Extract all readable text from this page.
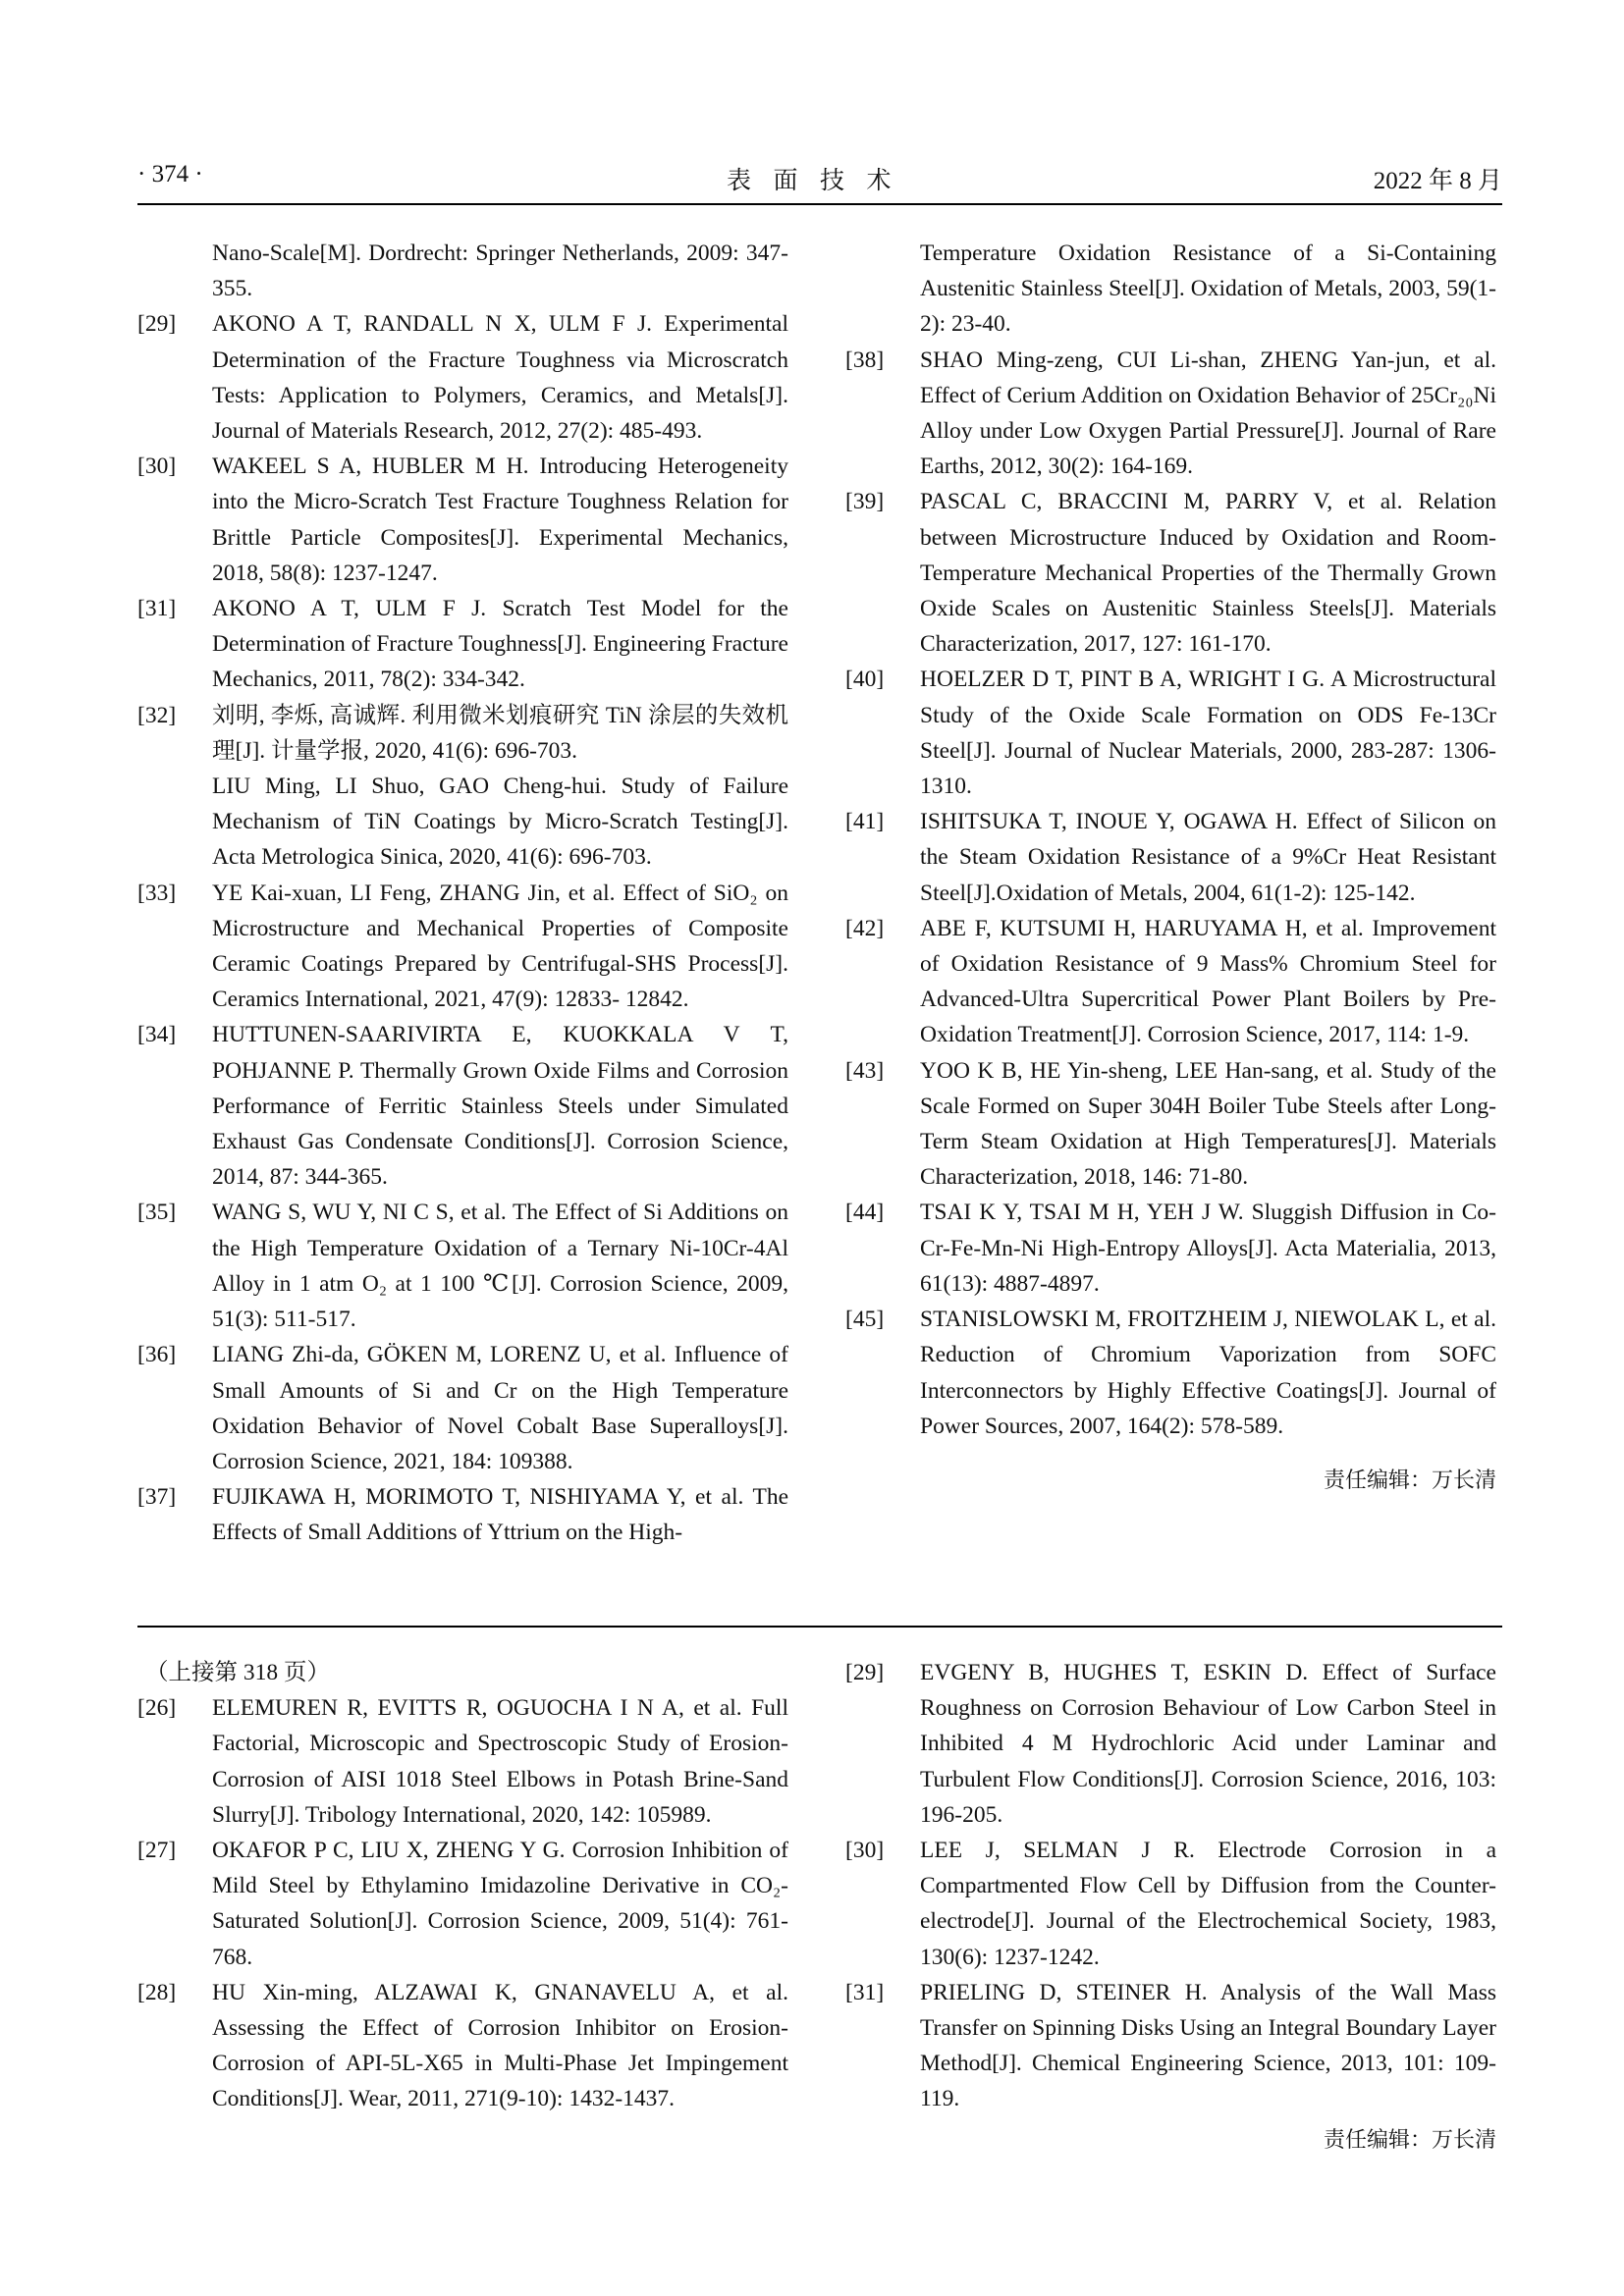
· 374 ·	表面技术	2022 年 8 月
Nano-Scale[M]. Dordrecht: Springer Netherlands, 2009: 347-355.
[29]	AKONO A T, RANDALL N X, ULM F J. Experimental Determination of the Fracture Toughness via Microscratch Tests: Application to Polymers, Ceramics, and Metals[J]. Journal of Materials Research, 2012, 27(2): 485-493.
[30]	WAKEEL S A, HUBLER M H. Introducing Heterogeneity into the Micro-Scratch Test Fracture Toughness Relation for Brittle Particle Composites[J]. Experimental Mechanics, 2018, 58(8): 1237-1247.
[31]	AKONO A T, ULM F J. Scratch Test Model for the Determination of Fracture Toughness[J]. Engineering Fracture Mechanics, 2011, 78(2): 334-342.
[32]	刘明, 李烁, 高诚辉. 利用微米划痕研究 TiN 涂层的失效机理[J]. 计量学报, 2020, 41(6): 696-703.
LIU Ming, LI Shuo, GAO Cheng-hui. Study of Failure Mechanism of TiN Coatings by Micro-Scratch Testing[J]. Acta Metrologica Sinica, 2020, 41(6): 696-703.
[33]	YE Kai-xuan, LI Feng, ZHANG Jin, et al. Effect of SiO₂ on Microstructure and Mechanical Properties of Composite Ceramic Coatings Prepared by Centrifugal-SHS Process[J]. Ceramics International, 2021, 47(9): 12833- 12842.
[34]	HUTTUNEN-SAARIVIRTA E, KUOKKALA V T, POHJANNE P. Thermally Grown Oxide Films and Corrosion Performance of Ferritic Stainless Steels under Simulated Exhaust Gas Condensate Conditions[J]. Corrosion Science, 2014, 87: 344-365.
[35]	WANG S, WU Y, NI C S, et al. The Effect of Si Additions on the High Temperature Oxidation of a Ternary Ni-10Cr-4Al Alloy in 1 atm O₂ at 1 100 ℃[J]. Corrosion Science, 2009, 51(3): 511-517.
[36]	LIANG Zhi-da, GÖKEN M, LORENZ U, et al. Influence of Small Amounts of Si and Cr on the High Temperature Oxidation Behavior of Novel Cobalt Base Superalloys[J]. Corrosion Science, 2021, 184: 109388.
[37]	FUJIKAWA H, MORIMOTO T, NISHIYAMA Y, et al. The Effects of Small Additions of Yttrium on the High-
Temperature Oxidation Resistance of a Si-Containing Austenitic Stainless Steel[J]. Oxidation of Metals, 2003, 59(1-2): 23-40.
[38]	SHAO Ming-zeng, CUI Li-shan, ZHENG Yan-jun, et al. Effect of Cerium Addition on Oxidation Behavior of 25Cr₂₀Ni Alloy under Low Oxygen Partial Pressure[J]. Journal of Rare Earths, 2012, 30(2): 164-169.
[39]	PASCAL C, BRACCINI M, PARRY V, et al. Relation between Microstructure Induced by Oxidation and Room-Temperature Mechanical Properties of the Thermally Grown Oxide Scales on Austenitic Stainless Steels[J]. Materials Characterization, 2017, 127: 161-170.
[40]	HOELZER D T, PINT B A, WRIGHT I G. A Microstructural Study of the Oxide Scale Formation on ODS Fe-13Cr Steel[J]. Journal of Nuclear Materials, 2000, 283-287: 1306-1310.
[41]	ISHITSUKA T, INOUE Y, OGAWA H. Effect of Silicon on the Steam Oxidation Resistance of a 9%Cr Heat Resistant Steel[J].Oxidation of Metals, 2004, 61(1-2): 125-142.
[42]	ABE F, KUTSUMI H, HARUYAMA H, et al. Improvement of Oxidation Resistance of 9 Mass% Chromium Steel for Advanced-Ultra Supercritical Power Plant Boilers by Pre-Oxidation Treatment[J]. Corrosion Science, 2017, 114: 1-9.
[43]	YOO K B, HE Yin-sheng, LEE Han-sang, et al. Study of the Scale Formed on Super 304H Boiler Tube Steels after Long-Term Steam Oxidation at High Temperatures[J]. Materials Characterization, 2018, 146: 71-80.
[44]	TSAI K Y, TSAI M H, YEH J W. Sluggish Diffusion in Co-Cr-Fe-Mn-Ni High-Entropy Alloys[J]. Acta Materialia, 2013, 61(13): 4887-4897.
[45]	STANISLOWSKI M, FROITZHEIM J, NIEWOLAK L, et al. Reduction of Chromium Vaporization from SOFC Interconnectors by Highly Effective Coatings[J]. Journal of Power Sources, 2007, 164(2): 578-589.
责任编辑：万长清
（上接第 318 页）
[26]	ELEMUREN R, EVITTS R, OGUOCHA I N A, et al. Full Factorial, Microscopic and Spectroscopic Study of Erosion-Corrosion of AISI 1018 Steel Elbows in Potash Brine-Sand Slurry[J]. Tribology International, 2020, 142: 105989.
[27]	OKAFOR P C, LIU X, ZHENG Y G. Corrosion Inhibition of Mild Steel by Ethylamino Imidazoline Derivative in CO₂-Saturated Solution[J]. Corrosion Science, 2009, 51(4): 761-768.
[28]	HU Xin-ming, ALZAWAI K, GNANAVELU A, et al. Assessing the Effect of Corrosion Inhibitor on Erosion-Corrosion of API-5L-X65 in Multi-Phase Jet Impingement Conditions[J]. Wear, 2011, 271(9-10): 1432-1437.
[29]	EVGENY B, HUGHES T, ESKIN D. Effect of Surface Roughness on Corrosion Behaviour of Low Carbon Steel in Inhibited 4 M Hydrochloric Acid under Laminar and Turbulent Flow Conditions[J]. Corrosion Science, 2016, 103: 196-205.
[30]	LEE J, SELMAN J R. Electrode Corrosion in a Compartmented Flow Cell by Diffusion from the Counter-electrode[J]. Journal of the Electrochemical Society, 1983, 130(6): 1237-1242.
[31]	PRIELING D, STEINER H. Analysis of the Wall Mass Transfer on Spinning Disks Using an Integral Boundary Layer Method[J]. Chemical Engineering Science, 2013, 101: 109-119.
责任编辑：万长清
